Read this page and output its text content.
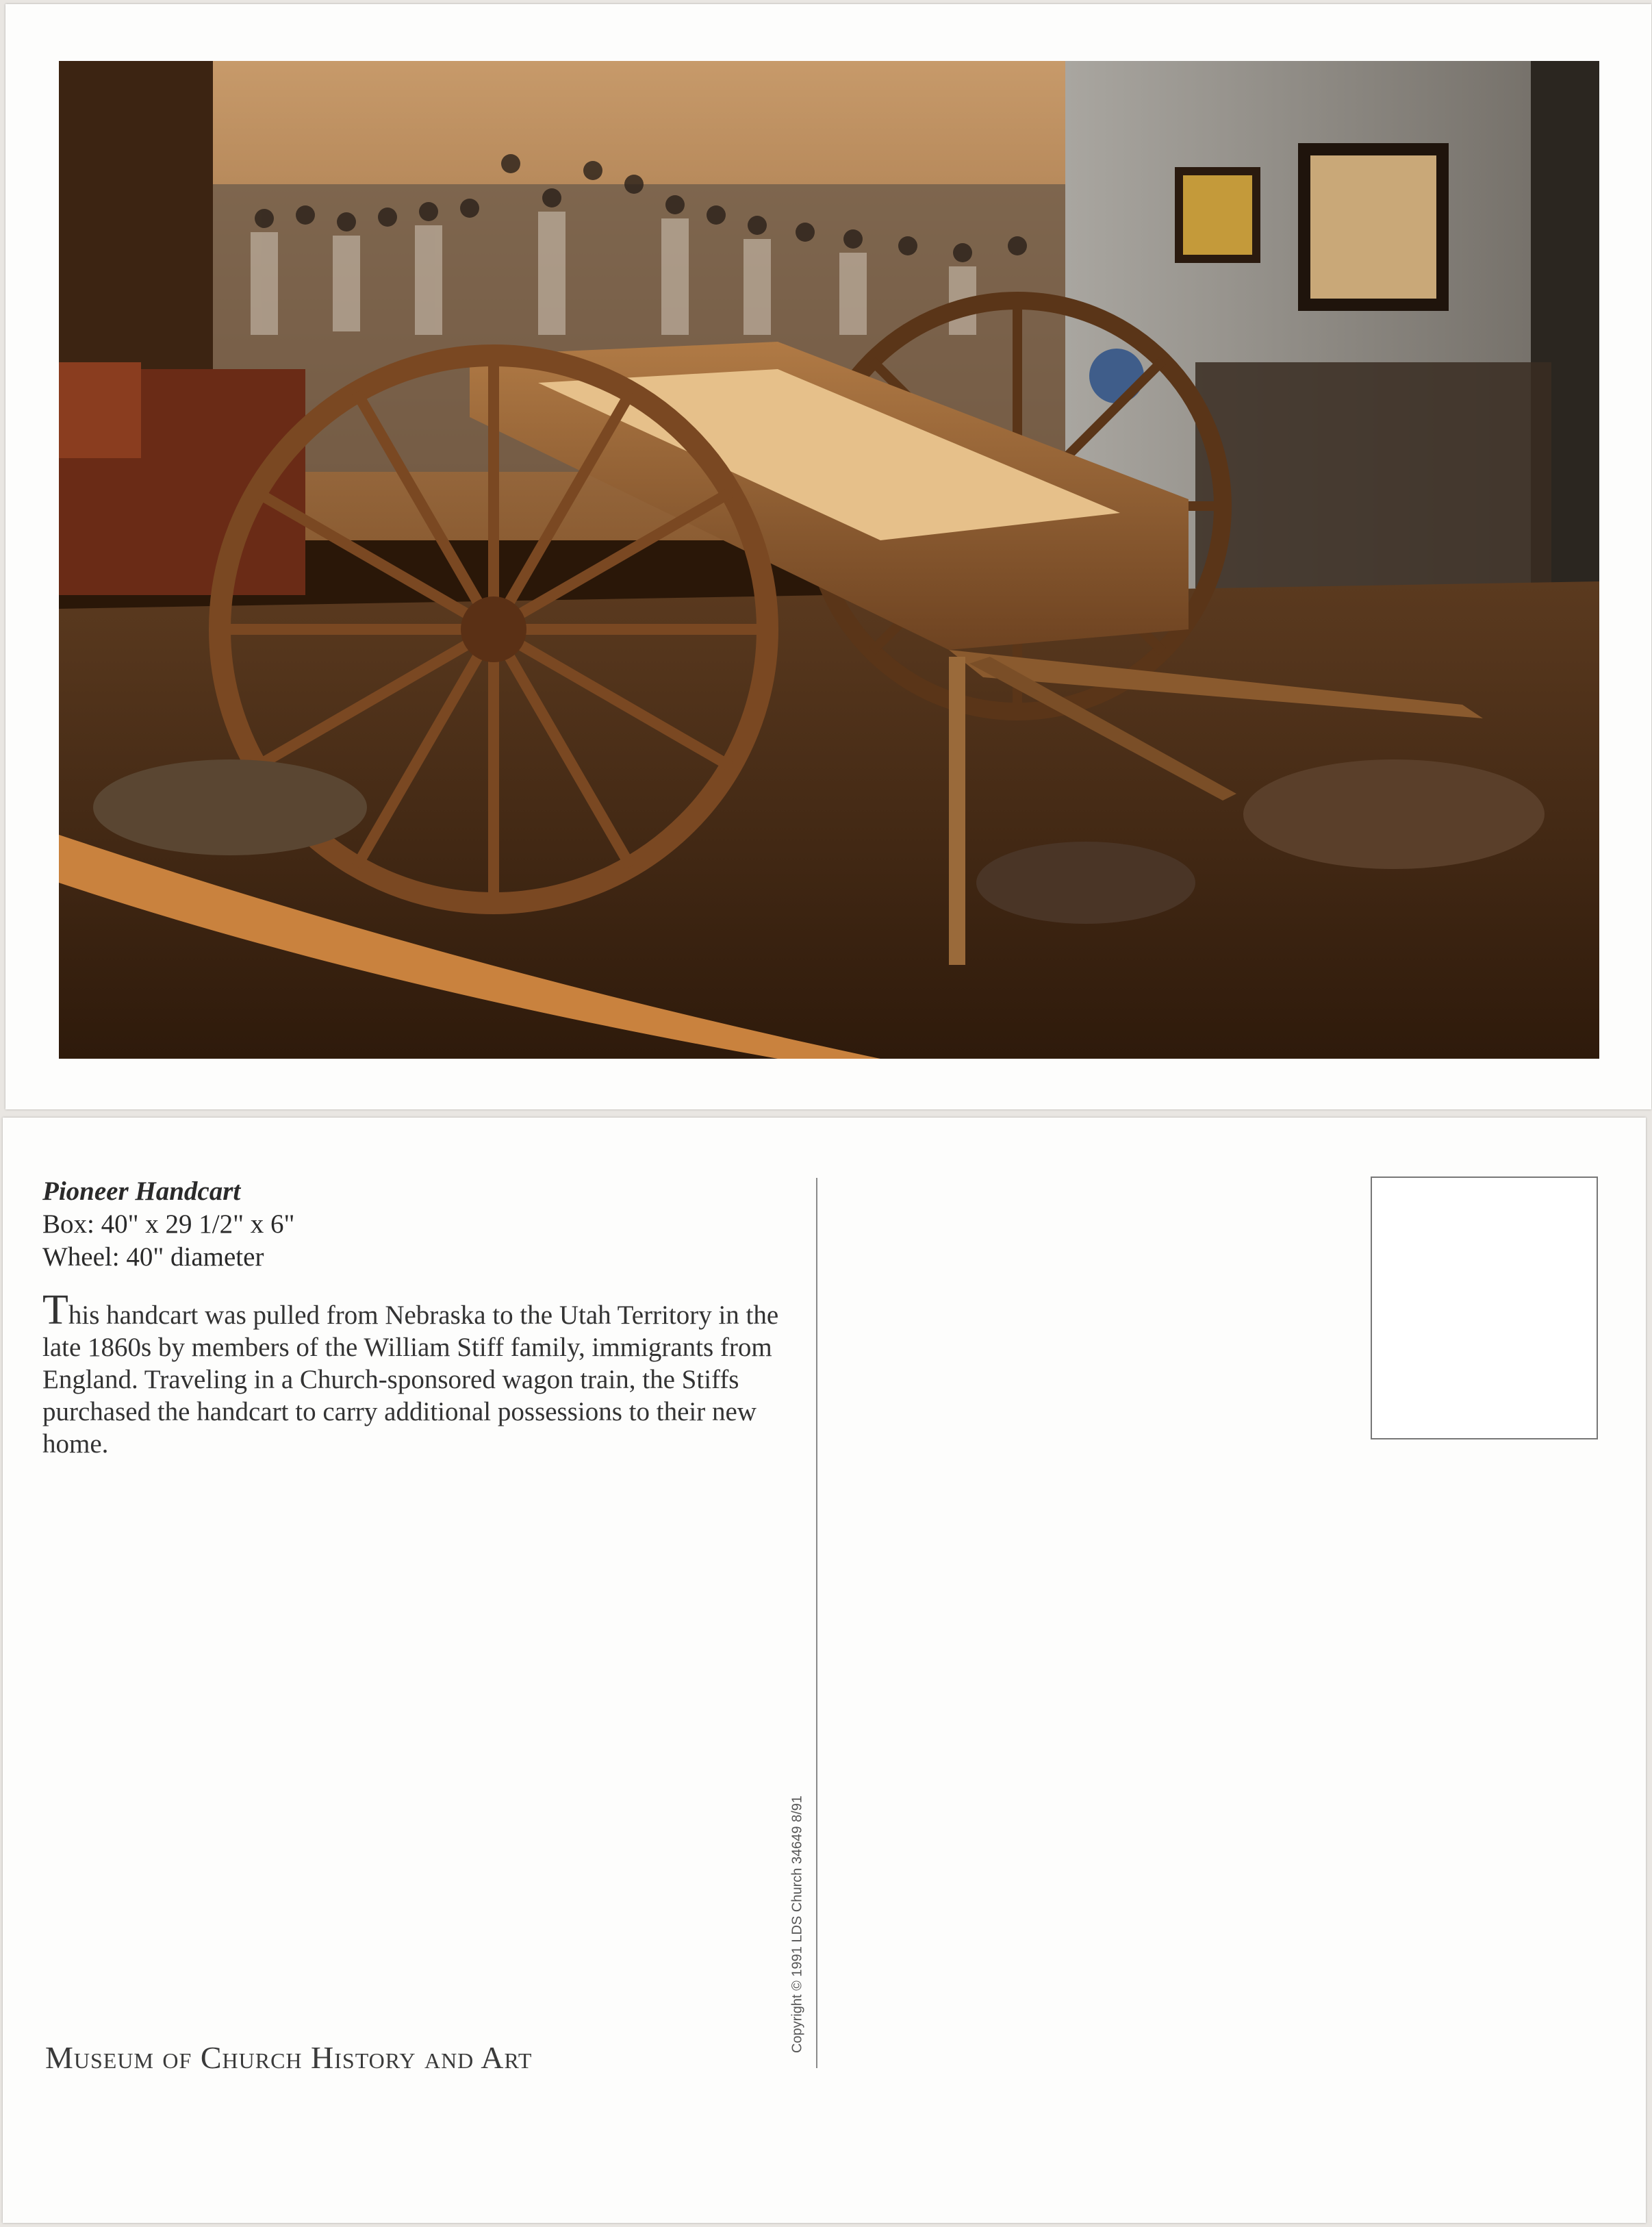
Pioneer Handcart
Box: 40" x 29 1/2" x 6"
Wheel: 40" diameter
This handcart was pulled from Nebraska to the Utah Territory in the late 1860s by members of the William Stiff family, immigrants from England. Traveling in a Church-sponsored wagon train, the Stiffs purchased the handcart to carry additional possessions to their new home.
Copyright © 1991 LDS Church 34649 8/91
Museum of Church History and Art
